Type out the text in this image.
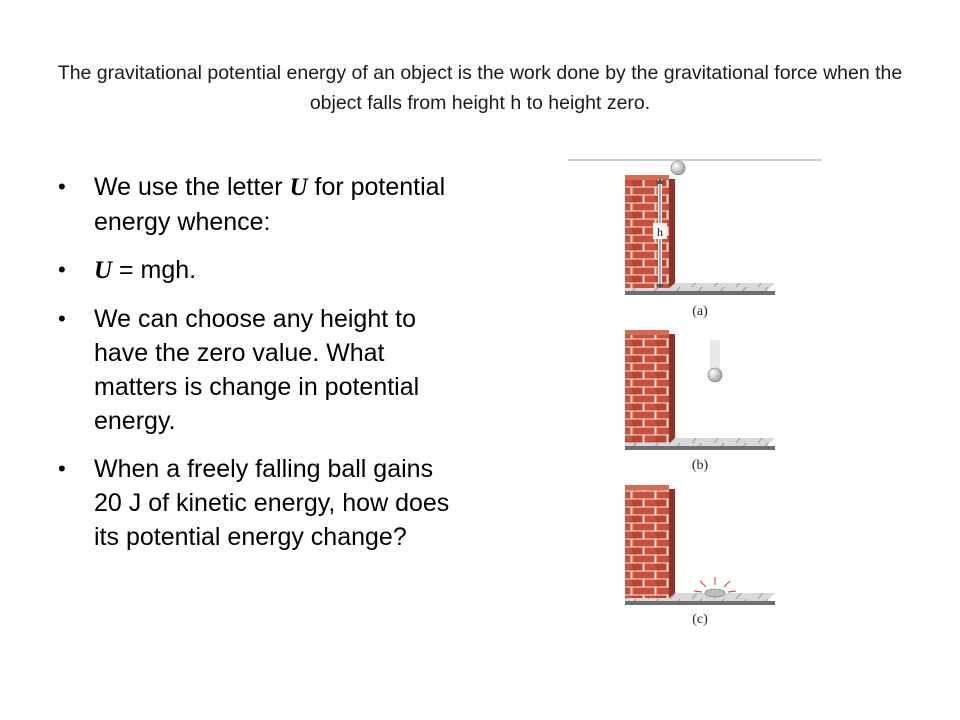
The gravitational potential energy of an object is the work done by the gravitational force when the object falls from height h to height zero.
• We use the letter U for potential energy whence:
• U = mgh.
• We can choose any height to have the zero value. What matters is change in potential energy.
• When a freely falling ball gains 20 J of kinetic energy, how does its potential energy change?
h
(a)
(b)
(c)
